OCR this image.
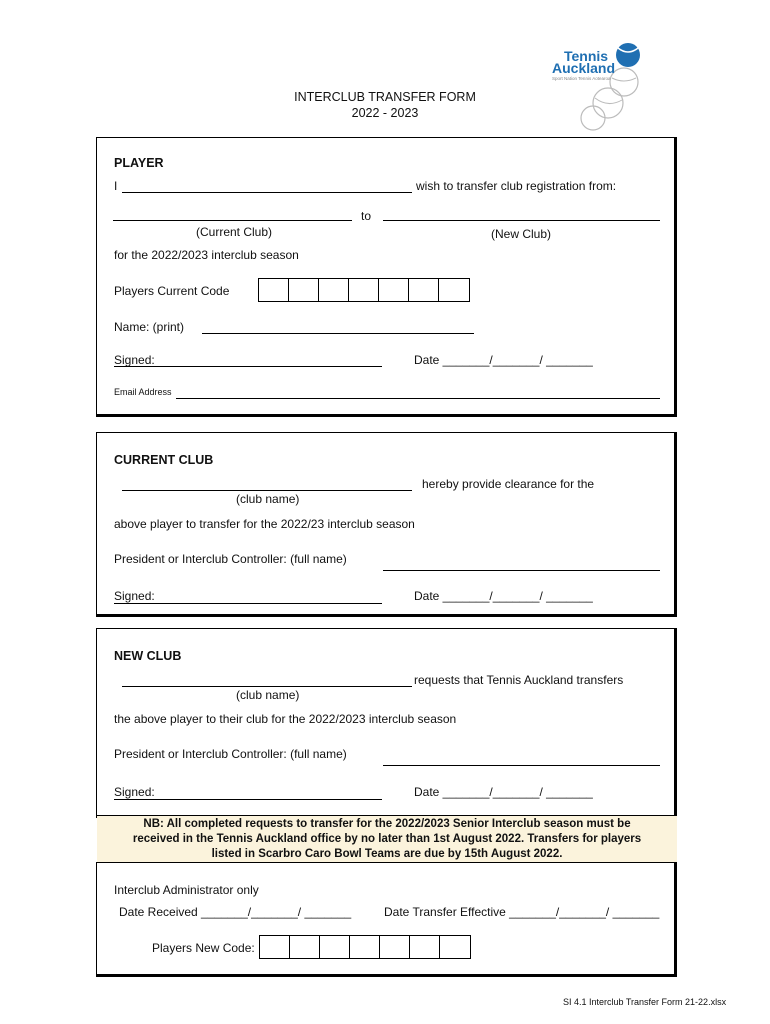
Tennis
Auckland
Sport Nation Tennis Aotearoa
INTERCLUB TRANSFER FORM
2022 - 2023
PLAYER
I	wish to transfer club registration from:
to
(Current Club)	(New Club)
for the 2022/2023 interclub season
Players Current Code
Name: (print)
Signed:	Date _______/_______/ _______
Email Address
CURRENT CLUB
hereby provide clearance for the
(club name)
above player to transfer for the 2022/23 interclub season
President or Interclub Controller: (full name)
Signed:	Date _______/_______/ _______
NEW CLUB
requests that Tennis Auckland transfers
(club name)
the above player to their club for the 2022/2023 interclub season
President or Interclub Controller: (full name)
Signed:	Date _______/_______/ _______
NB: All completed requests to transfer for the 2022/2023 Senior Interclub season must be
received in the Tennis Auckland office by no later than 1st August 2022. Transfers for players
listed in Scarbro Caro Bowl Teams are due by 15th August 2022.
Interclub Administrator only
Date Received _______/_______/ _______	Date Transfer Effective _______/_______/ _______
Players New Code:
SI 4.1 Interclub Transfer Form 21-22.xlsx
